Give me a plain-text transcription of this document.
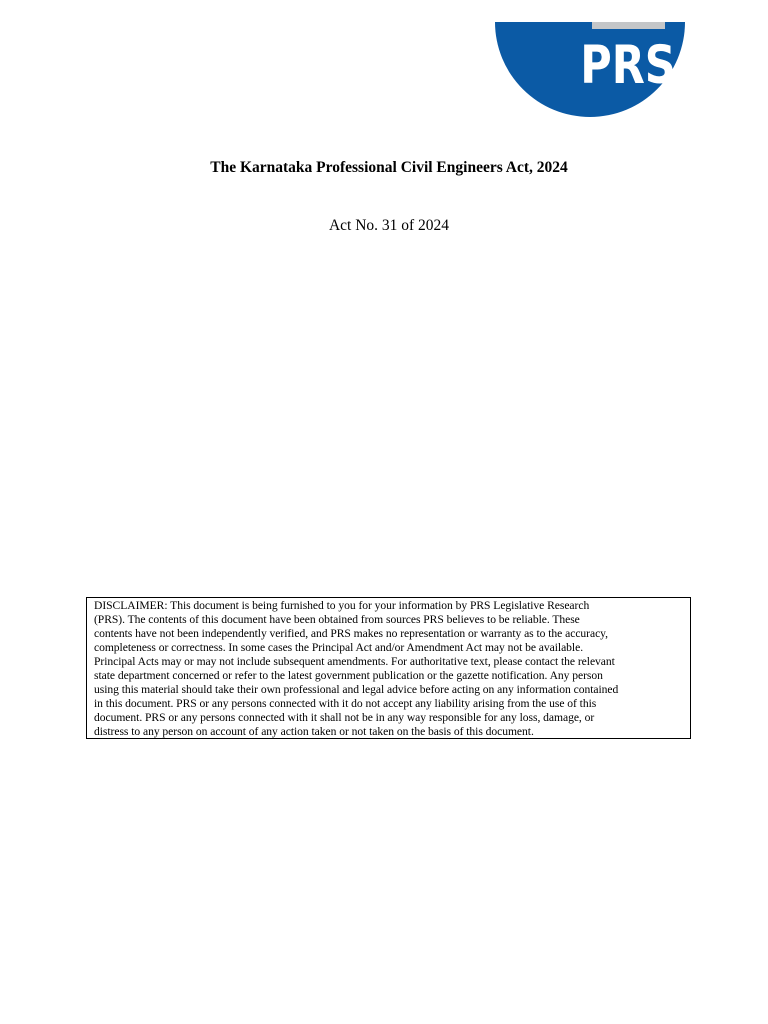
PRS
The Karnataka Professional Civil Engineers Act, 2024
Act No. 31 of 2024

DISCLAIMER: This document is being furnished to you for your information by PRS Legislative Research

(PRS). The contents of this document have been obtained from sources PRS believes to be reliable. These

contents have not been independently verified, and PRS makes no representation or warranty as to the accuracy,

completeness or correctness. In some cases the Principal Act and/or Amendment Act may not be available.

Principal Acts may or may not include subsequent amendments. For authoritative text, please contact the relevant

state department concerned or refer to the latest government publication or the gazette notification. Any person

using this material should take their own professional and legal advice before acting on any information contained

in this document. PRS or any persons connected with it do not accept any liability arising from the use of this

document. PRS or any persons connected with it shall not be in any way responsible for any loss, damage, or

distress to any person on account of any action taken or not taken on the basis of this document.
